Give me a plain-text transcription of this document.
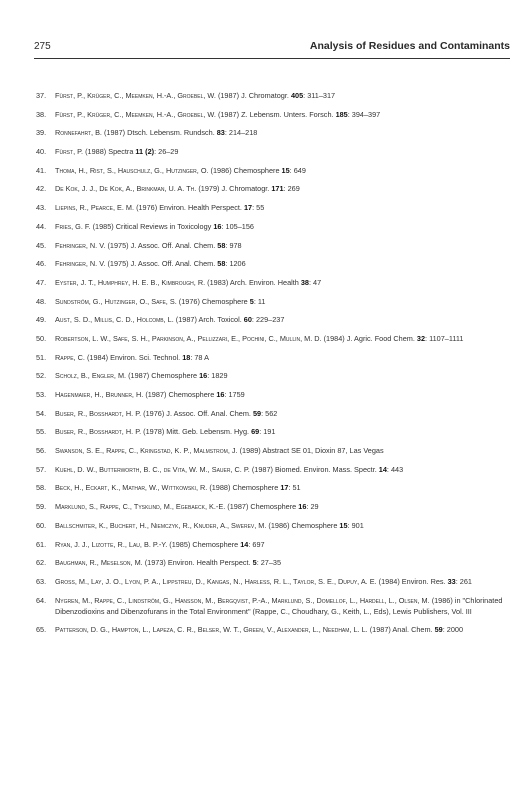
275	Analysis of Residues and Contaminants
37. Fürst, P., Krüger, C., Meemken, H.-A., Groebel, W. (1987) J. Chromatogr. 405: 311–317
38. Fürst, P., Krüger, C., Meemken, H.-A., Groebel, W. (1987) Z. Lebensm. Unters. Forsch. 185: 394–397
39. Ronnefahrt, B. (1987) Dtsch. Lebensm. Rundsch. 83: 214–218
40. Fürst, P. (1988) Spectra 11 (2): 26–29
41. Thoma, H., Rist, S., Hauschulz, G., Hutzinger, O. (1986) Chemosphere 15: 649
42. De Kok, J. J., De Kok, A., Brinkman, U. A. Th. (1979) J. Chromatogr. 171: 269
43. Liepins, R., Pearce, E. M. (1976) Environ. Health Perspect. 17: 55
44. Fries, G. F. (1985) Critical Reviews in Toxicology 16: 105–156
45. Fehringer, N. V. (1975) J. Assoc. Off. Anal. Chem. 58: 978
46. Fehringer, N. V. (1975) J. Assoc. Off. Anal. Chem. 58: 1206
47. Eyster, J. T., Humphrey, H. E. B., Kimbrough, R. (1983) Arch. Environ. Health 38: 47
48. Sundström, G., Hutzinger, O., Safe, S. (1976) Chemosphere 5: 11
49. Aust, S. D., Millis, C. D., Holcomb, L. (1987) Arch. Toxicol. 60: 229–237
50. Robertson, L. W., Safe, S. H., Parkinson, A., Pellizzari, E., Pochini, C., Mullin, M. D. (1984) J. Agric. Food Chem. 32: 1107–1111
51. Rappe, C. (1984) Environ. Sci. Technol. 18: 78 A
52. Scholz, B., Engler, M. (1987) Chemosphere 16: 1829
53. Hagenmaier, H., Brunner, H. (1987) Chemosphere 16: 1759
54. Buser, R., Bosshardt, H. P. (1976) J. Assoc. Off. Anal. Chem. 59: 562
55. Buser, R., Bosshardt, H. P. (1978) Mitt. Geb. Lebensm. Hyg. 69: 191
56. Swanson, S. E., Rappe, C., Kringstad, K. P., Malmstrom, J. (1989) Abstract SE 01, Dioxin 87, Las Vegas
57. Kuehl, D. W., Butterworth, B. C., de Vita, W. M., Sauer, C. P. (1987) Biomed. Environ. Mass. Spectr. 14: 443
58. Beck, H., Eckart, K., Mathar, W., Wittkowski, R. (1988) Chemosphere 17: 51
59. Marklund, S., Rappe, C., Tysklind, M., Egebaeck, K.-E. (1987) Chemosphere 16: 29
60. Ballschmiter, K., Buchert, H., Niemczyk, R., Knuder, A., Swerev, M. (1986) Chemosphere 15: 901
61. Ryan, J. J., Lizotte, R., Lau, B. P.-Y. (1985) Chemosphere 14: 697
62. Baughman, R., Meselson, M. (1973) Environ. Health Perspect. 5: 27–35
63. Gross, M., Lay, J. O., Lyon, P. A., Lippstreu, D., Kangas, N., Harless, R. L., Taylor, S. E., Dupuy, A. E. (1984) Environ. Res. 33: 261
64. Nygren, M., Rappe, C., Lindström, G., Hansson, M., Bergqvist, P.-A., Marklund, S., Domellof, L., Hardell, L., Olsen, M. (1986) in "Chlorinated Dibenzodioxins and Dibenzofurans in the Total Environment" (Rappe, C., Choudhary, G., Keith, L., Eds), Lewis Publishers, Vol. III
65. Patterson, D. G., Hampton, L., Lapeza, C. R., Belser, W. T., Green, V., Alexander, L., Needham, L. L. (1987) Anal. Chem. 59: 2000
